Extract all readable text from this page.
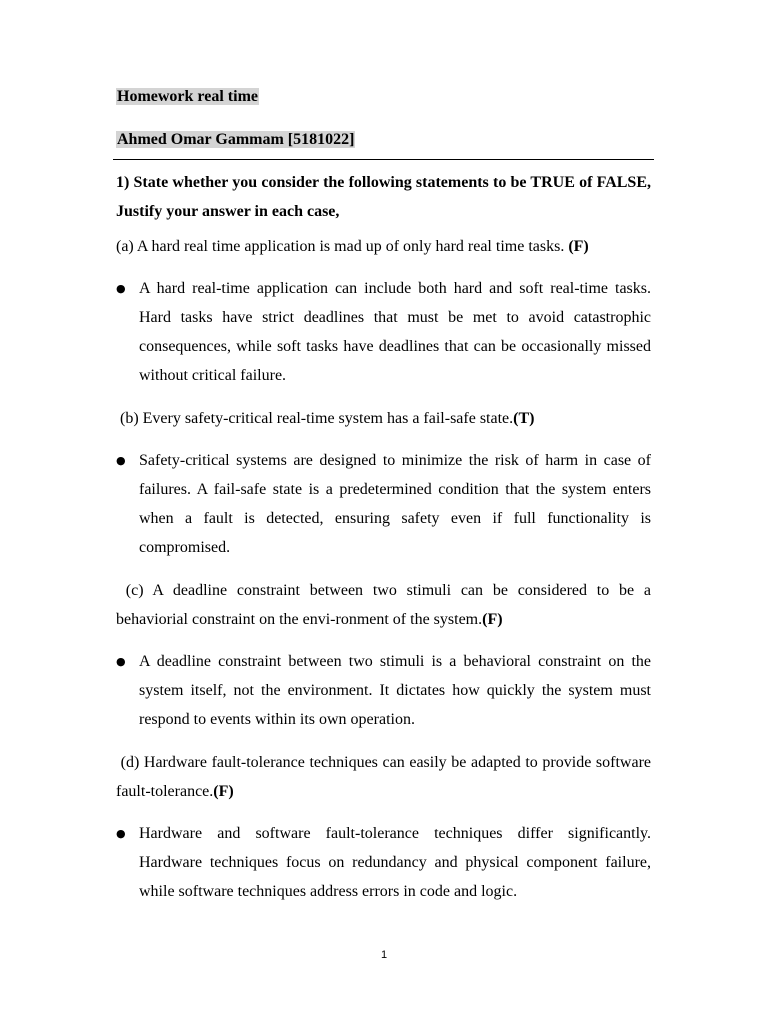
Homework real time
Ahmed Omar Gammam [5181022]

1) State whether you consider the following statements to be TRUE of FALSE, Justify your answer in each case,

(a) A hard real time application is mad up of only hard real time tasks. (F)

● A hard real-time application can include both hard and soft real-time tasks. Hard tasks have strict deadlines that must be met to avoid catastrophic consequences, while soft tasks have deadlines that can be occasionally missed without critical failure.

(b) Every safety-critical real-time system has a fail-safe state.(T)

● Safety-critical systems are designed to minimize the risk of harm in case of failures. A fail-safe state is a predetermined condition that the system enters when a fault is detected, ensuring safety even if full functionality is compromised.

(c) A deadline constraint between two stimuli can be considered to be a behaviorial constraint on the envi-ronment of the system.(F)

● A deadline constraint between two stimuli is a behavioral constraint on the system itself, not the environment. It dictates how quickly the system must respond to events within its own operation.

(d) Hardware fault-tolerance techniques can easily be adapted to provide software fault-tolerance.(F)

● Hardware and software fault-tolerance techniques differ significantly. Hardware techniques focus on redundancy and physical component failure, while software techniques address errors in code and logic.

1
